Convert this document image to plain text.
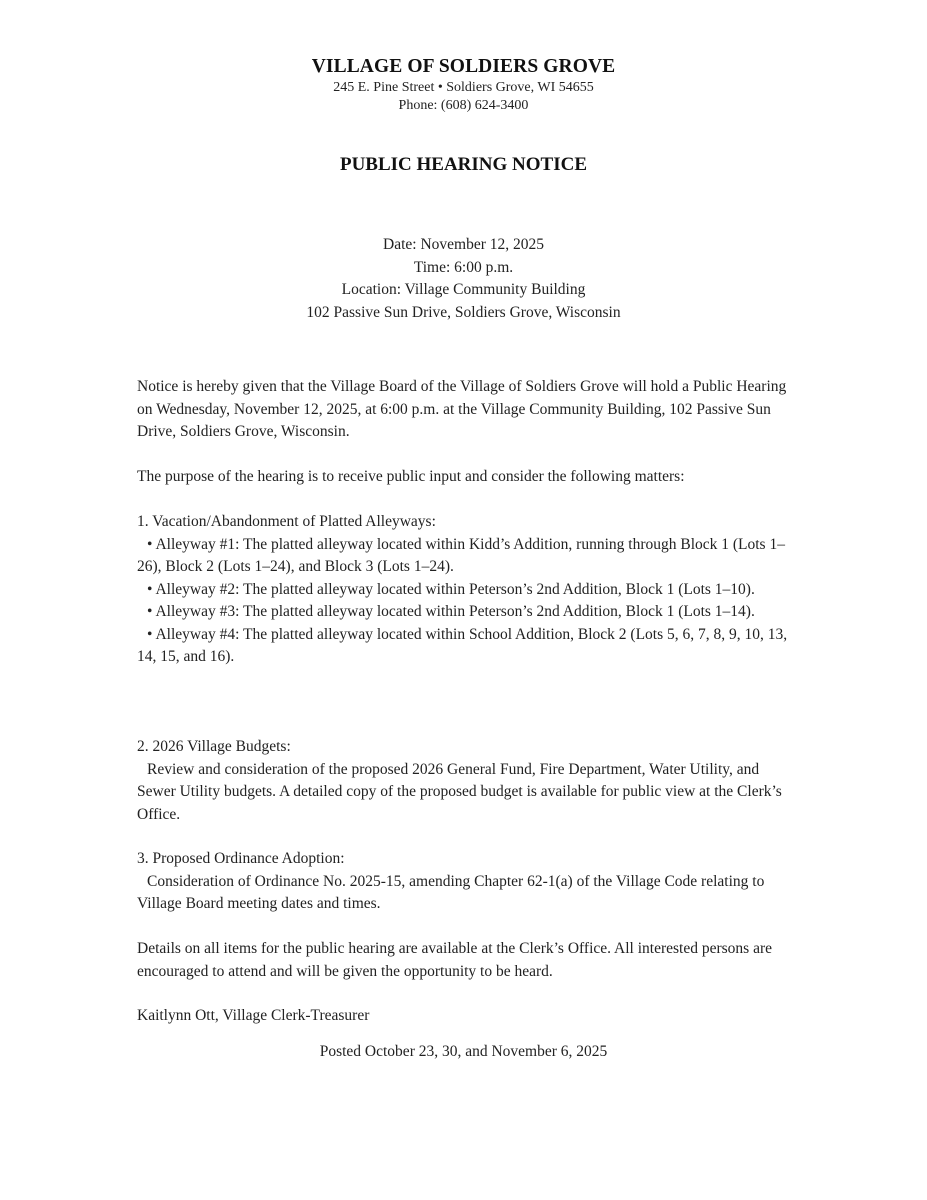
VILLAGE OF SOLDIERS GROVE
245 E. Pine Street • Soldiers Grove, WI 54655
Phone: (608) 624-3400
PUBLIC HEARING NOTICE
Date: November 12, 2025
Time: 6:00 p.m.
Location: Village Community Building
102 Passive Sun Drive, Soldiers Grove, Wisconsin
Notice is hereby given that the Village Board of the Village of Soldiers Grove will hold a Public Hearing on Wednesday, November 12, 2025, at 6:00 p.m. at the Village Community Building, 102 Passive Sun Drive, Soldiers Grove, Wisconsin.
The purpose of the hearing is to receive public input and consider the following matters:
1. Vacation/Abandonment of Platted Alleyways:
• Alleyway #1: The platted alleyway located within Kidd’s Addition, running through Block 1 (Lots 1–26), Block 2 (Lots 1–24), and Block 3 (Lots 1–24).
• Alleyway #2: The platted alleyway located within Peterson’s 2nd Addition, Block 1 (Lots 1–10).
• Alleyway #3: The platted alleyway located within Peterson’s 2nd Addition, Block 1 (Lots 1–14).
• Alleyway #4: The platted alleyway located within School Addition, Block 2 (Lots 5, 6, 7, 8, 9, 10, 13, 14, 15, and 16).
2. 2026 Village Budgets:
Review and consideration of the proposed 2026 General Fund, Fire Department, Water Utility, and Sewer Utility budgets. A detailed copy of the proposed budget is available for public view at the Clerk’s Office.
3. Proposed Ordinance Adoption:
Consideration of Ordinance No. 2025-15, amending Chapter 62-1(a) of the Village Code relating to Village Board meeting dates and times.
Details on all items for the public hearing are available at the Clerk’s Office. All interested persons are encouraged to attend and will be given the opportunity to be heard.
Kaitlynn Ott, Village Clerk-Treasurer
Posted October 23, 30, and November 6, 2025
